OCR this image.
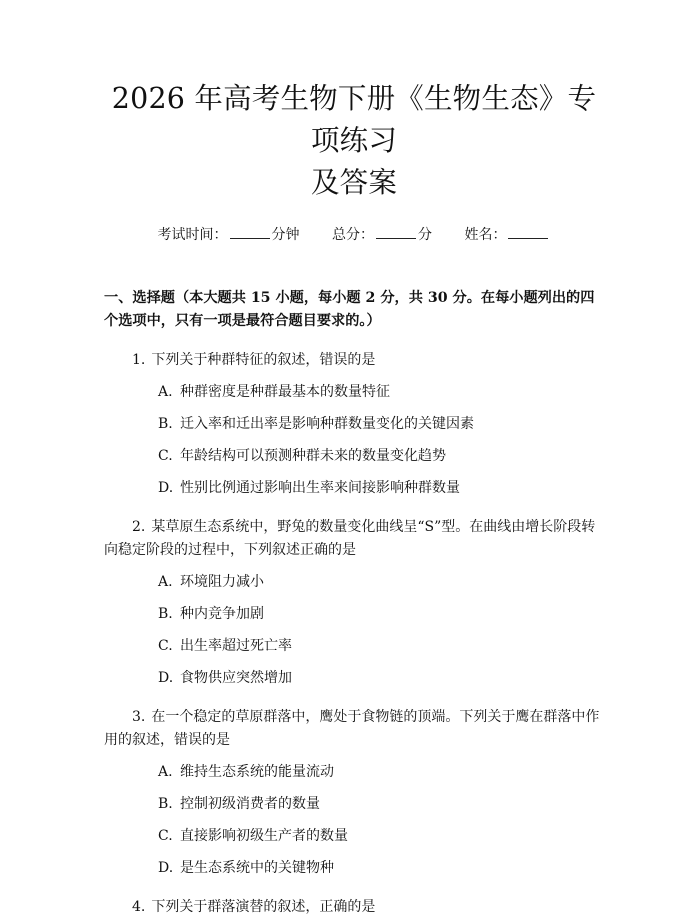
2026 年高考生物下册《生物生态》专项练习
及答案
考试时间：	分钟 总分：	分 姓名：
一、选择题（本大题共 15 小题，每小题 2 分，共 30 分。在每小题列出的四个选项中，只有一项是最符合题目要求的。）
1. 下列关于种群特征的叙述，错误的是
A. 种群密度是种群最基本的数量特征
B. 迁入率和迁出率是影响种群数量变化的关键因素
C. 年龄结构可以预测种群未来的数量变化趋势
D. 性别比例通过影响出生率来间接影响种群数量
2. 某草原生态系统中，野兔的数量变化曲线呈“S”型。在曲线由增长阶段转向稳定阶段的过程中，下列叙述正确的是
A. 环境阻力减小
B. 种内竞争加剧
C. 出生率超过死亡率
D. 食物供应突然增加
3. 在一个稳定的草原群落中，鹰处于食物链的顶端。下列关于鹰在群落中作用的叙述，错误的是
A. 维持生态系统的能量流动
B. 控制初级消费者的数量
C. 直接影响初级生产者的数量
D. 是生态系统中的关键物种
4. 下列关于群落演替的叙述，正确的是
